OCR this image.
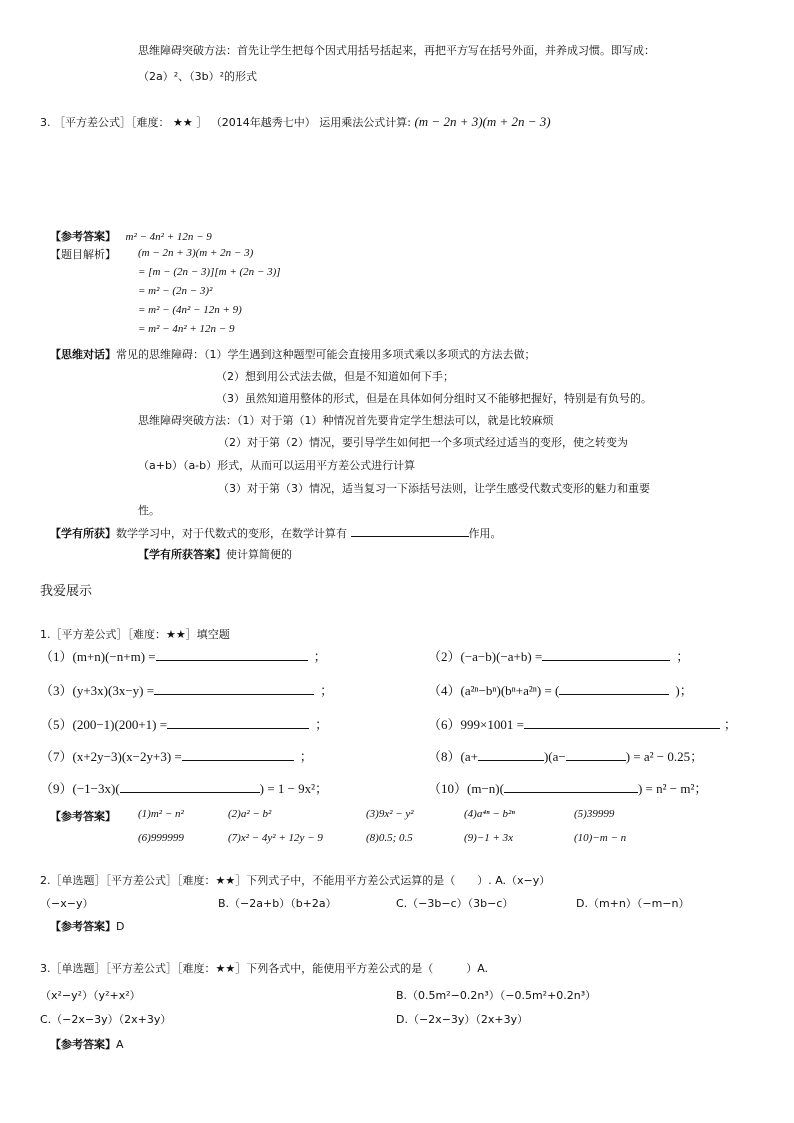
思维障碍突破方法：首先让学生把每个因式用括号括起来，再把平方写在括号外面，并养成习惯。即写成：
（2a）²、（3b）²的形式
3. ［平方差公式］［难度： ★★ ］ （2014年越秀七中） 运用乘法公式计算: (m − 2n + 3)(m + 2n − 3)
【参考答案】 m² − 4n² + 12n − 9
【题目解析】 (m − 2n + 3)(m + 2n − 3)
= [m − (2n − 3)][m + (2n − 3)]
= m² − (2n − 3)²
= m² − (4n² − 12n + 9)
= m² − 4n² + 12n − 9
【思维对话】常见的思维障碍：（1）学生遇到这种题型可能会直接用多项式乘以多项式的方法去做；
（2）想到用公式法去做，但是不知道如何下手；
（3）虽然知道用整体的形式，但是在具体如何分组时又不能够把握好，特别是有负号的。
思维障碍突破方法：（1）对于第（1）种情况首先要肯定学生想法可以，就是比较麻烦
（2）对于第（2）情况，要引导学生如何把一个多项式经过适当的变形，使之转变为
（a+b）（a-b）形式，从而可以运用平方差公式进行计算
（3）对于第（3）情况，适当复习一下添括号法则，让学生感受代数式变形的魅力和重要
性。
【学有所获】数学学习中，对于代数式的变形，在数学计算有	作用。
【学有所获答案】使计算简便的
我爱展示
1.［平方差公式］［难度：★★］填空题
（1）(m+n)(−n+m) =	；	（2）(−a−b)(−a+b) =	；
（3）(y+3x)(3x−y) =	；	（4）(a²ⁿ−bⁿ)(bⁿ+a²ⁿ) = (	)；
（5）(200−1)(200+1) =	；	（6）999×1001 =	；
（7）(x+2y−3)(x−2y+3) =	；	（8）(a+	)(a−	) = a² − 0.25；
（9）(−1−3x)(	) = 1 − 9x²；	（10）(m−n)(	) = n² − m²；
【参考答案】 (1)m² − n²	(2)a² − b²	(3)9x² − y²	(4)a⁴ⁿ − b²ⁿ	(5)39999
(6)999999	(7)x² − 4y² + 12y − 9	(8)0.5; 0.5	(9)−1 + 3x	(10)−m − n
2.［单选题］［平方差公式］［难度：★★］下列式子中，不能用平方差公式运算的是（　　）. A.（x−y）
（−x−y）	B.（−2a+b）（b+2a）	C.（−3b−c）（3b−c）	D.（m+n）（−m−n）
【参考答案】D
3.［单选题］［平方差公式］［难度：★★］下列各式中，能使用平方差公式的是（　　　）A.
（x²−y²）（y²+x²）	B.（0.5m²−0.2n³）（−0.5m²+0.2n³）
C.（−2x−3y）（2x+3y）	D.（−2x−3y）（2x+3y）
【参考答案】A
